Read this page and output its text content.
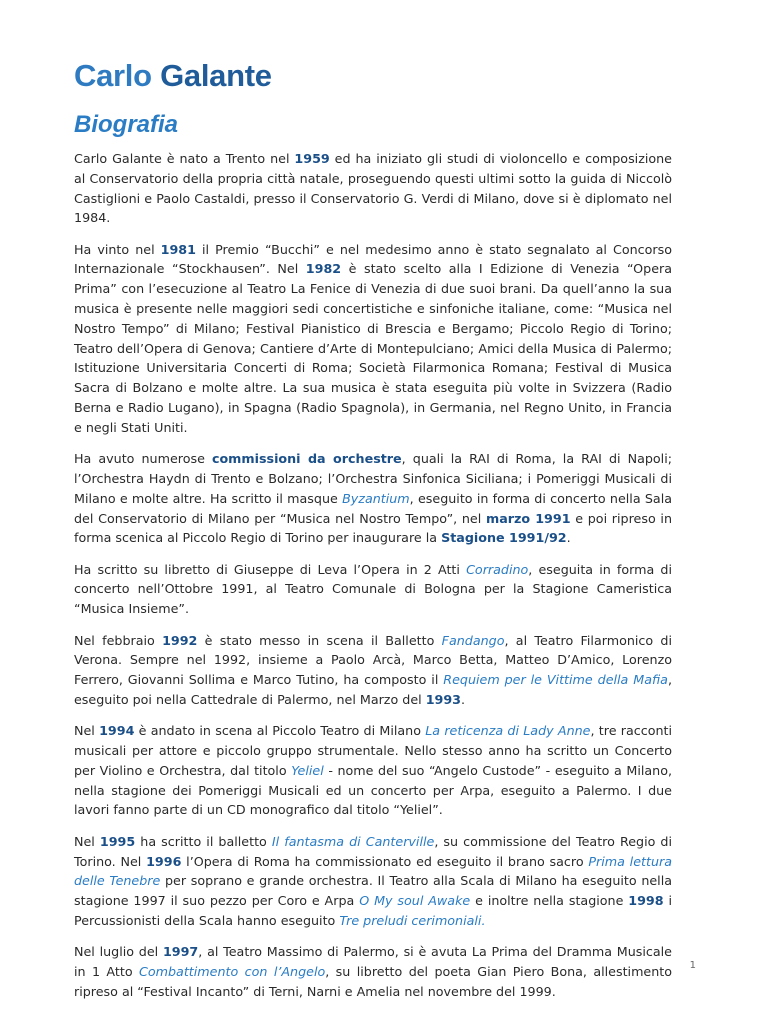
Carlo Galante
Biografia

Carlo Galante è nato a Trento nel 1959 ed ha iniziato gli studi di violoncello e composizione al Conservatorio della propria città natale, proseguendo questi ultimi sotto la guida di Niccolò Castiglioni e Paolo Castaldi, presso il Conservatorio G. Verdi di Milano, dove si è diplomato nel 1984.

Ha vinto nel 1981 il Premio “Bucchi” e nel medesimo anno è stato segnalato al Concorso Internazionale “Stockhausen”. Nel 1982 è stato scelto alla I Edizione di Venezia “Opera Prima” con l’esecuzione al Teatro La Fenice di Venezia di due suoi brani. Da quell’anno la sua musica è presente nelle maggiori sedi concertistiche e sinfoniche italiane, come: “Musica nel Nostro Tempo” di Milano; Festival Pianistico di Brescia e Bergamo; Piccolo Regio di Torino; Teatro dell’Opera di Genova; Cantiere d’Arte di Montepulciano; Amici della Musica di Palermo; Istituzione Universitaria Concerti di Roma; Società Filarmonica Romana; Festival di Musica Sacra di Bolzano e molte altre. La sua musica è stata eseguita più volte in Svizzera (Radio Berna e Radio Lugano), in Spagna (Radio Spagnola), in Germania, nel Regno Unito, in Francia e negli Stati Uniti.

Ha avuto numerose commissioni da orchestre, quali la RAI di Roma, la RAI di Napoli; l’Orchestra Haydn di Trento e Bolzano; l’Orchestra Sinfonica Siciliana; i Pomeriggi Musicali di Milano e molte altre. Ha scritto il masque Byzantium, eseguito in forma di concerto nella Sala del Conservatorio di Milano per “Musica nel Nostro Tempo”, nel marzo 1991 e poi ripreso in forma scenica al Piccolo Regio di Torino per inaugurare la Stagione 1991/92.

Ha scritto su libretto di Giuseppe di Leva l’Opera in 2 Atti Corradino, eseguita in forma di concerto nell’Ottobre 1991, al Teatro Comunale di Bologna per la Stagione Cameristica “Musica Insieme”.

Nel febbraio 1992 è stato messo in scena il Balletto Fandango, al Teatro Filarmonico di Verona. Sempre nel 1992, insieme a Paolo Arcà, Marco Betta, Matteo D’Amico, Lorenzo Ferrero, Giovanni Sollima e Marco Tutino, ha composto il Requiem per le Vittime della Mafia, eseguito poi nella Cattedrale di Palermo, nel Marzo del 1993.

Nel 1994 è andato in scena al Piccolo Teatro di Milano La reticenza di Lady Anne, tre racconti musicali per attore e piccolo gruppo strumentale. Nello stesso anno ha scritto un Concerto per Violino e Orchestra, dal titolo Yeliel - nome del suo “Angelo Custode” - eseguito a Milano, nella stagione dei Pomeriggi Musicali ed un concerto per Arpa, eseguito a Palermo. I due lavori fanno parte di un CD monografico dal titolo “Yeliel”.

Nel 1995 ha scritto il balletto Il fantasma di Canterville, su commissione del Teatro Regio di Torino. Nel 1996 l’Opera di Roma ha commissionato ed eseguito il brano sacro Prima lettura delle Tenebre per soprano e grande orchestra. Il Teatro alla Scala di Milano ha eseguito nella stagione 1997 il suo pezzo per Coro e Arpa O My soul Awake e inoltre nella stagione 1998 i Percussionisti della Scala hanno eseguito Tre preludi cerimoniali.

Nel luglio del 1997, al Teatro Massimo di Palermo, si è avuta La Prima del Dramma Musicale in 1 Atto Combattimento con l’Angelo, su libretto del poeta Gian Piero Bona, allestimento ripreso al “Festival Incanto” di Terni, Narni e Amelia nel novembre del 1999.

1
